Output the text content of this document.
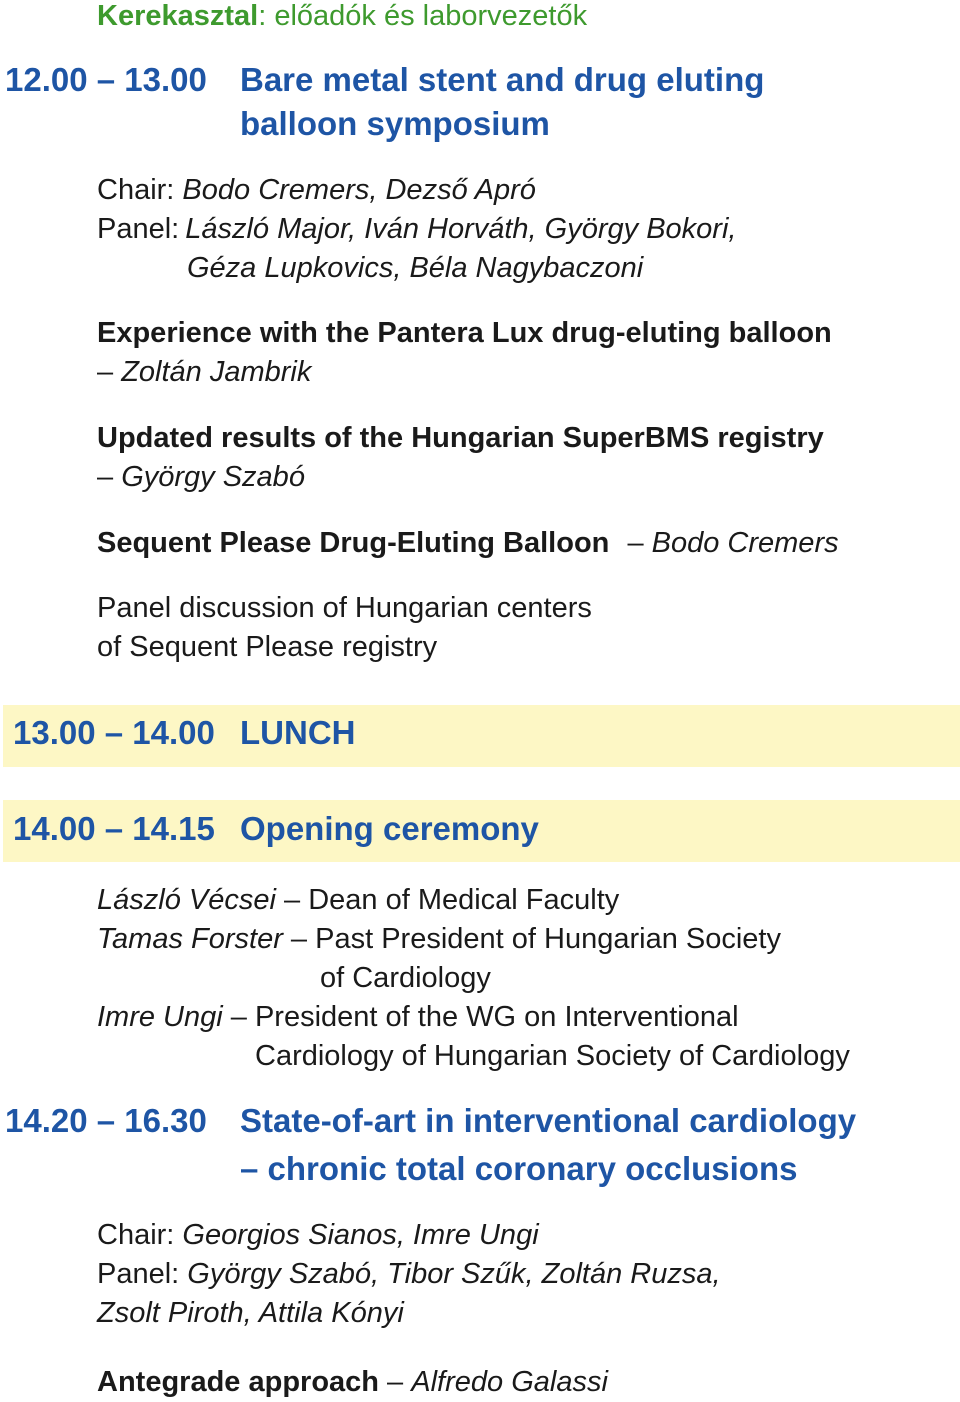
Kerekasztal: előadók és laborvezetők
12.00 – 13.00 Bare metal stent and drug eluting
balloon symposium
Chair: Bodo Cremers, Dezső Apró
Panel: László Major, Iván Horváth, György Bokori,
Géza Lupkovics, Béla Nagybaczoni
Experience with the Pantera Lux drug-eluting balloon
– Zoltán Jambrik
Updated results of the Hungarian SuperBMS registry
– György Szabó
Sequent Please Drug-Eluting Balloon – Bodo Cremers
Panel discussion of Hungarian centers
of Sequent Please registry
13.00 – 14.00 LUNCH
14.00 – 14.15 Opening ceremony
László Vécsei – Dean of Medical Faculty
Tamas Forster – Past President of Hungarian Society
of Cardiology
Imre Ungi – President of the WG on Interventional
Cardiology of Hungarian Society of Cardiology
14.20 – 16.30 State-of-art in interventional cardiology
– chronic total coronary occlusions
Chair: Georgios Sianos, Imre Ungi
Panel: György Szabó, Tibor Szűk, Zoltán Ruzsa,
Zsolt Piroth, Attila Kónyi
Antegrade approach – Alfredo Galassi
